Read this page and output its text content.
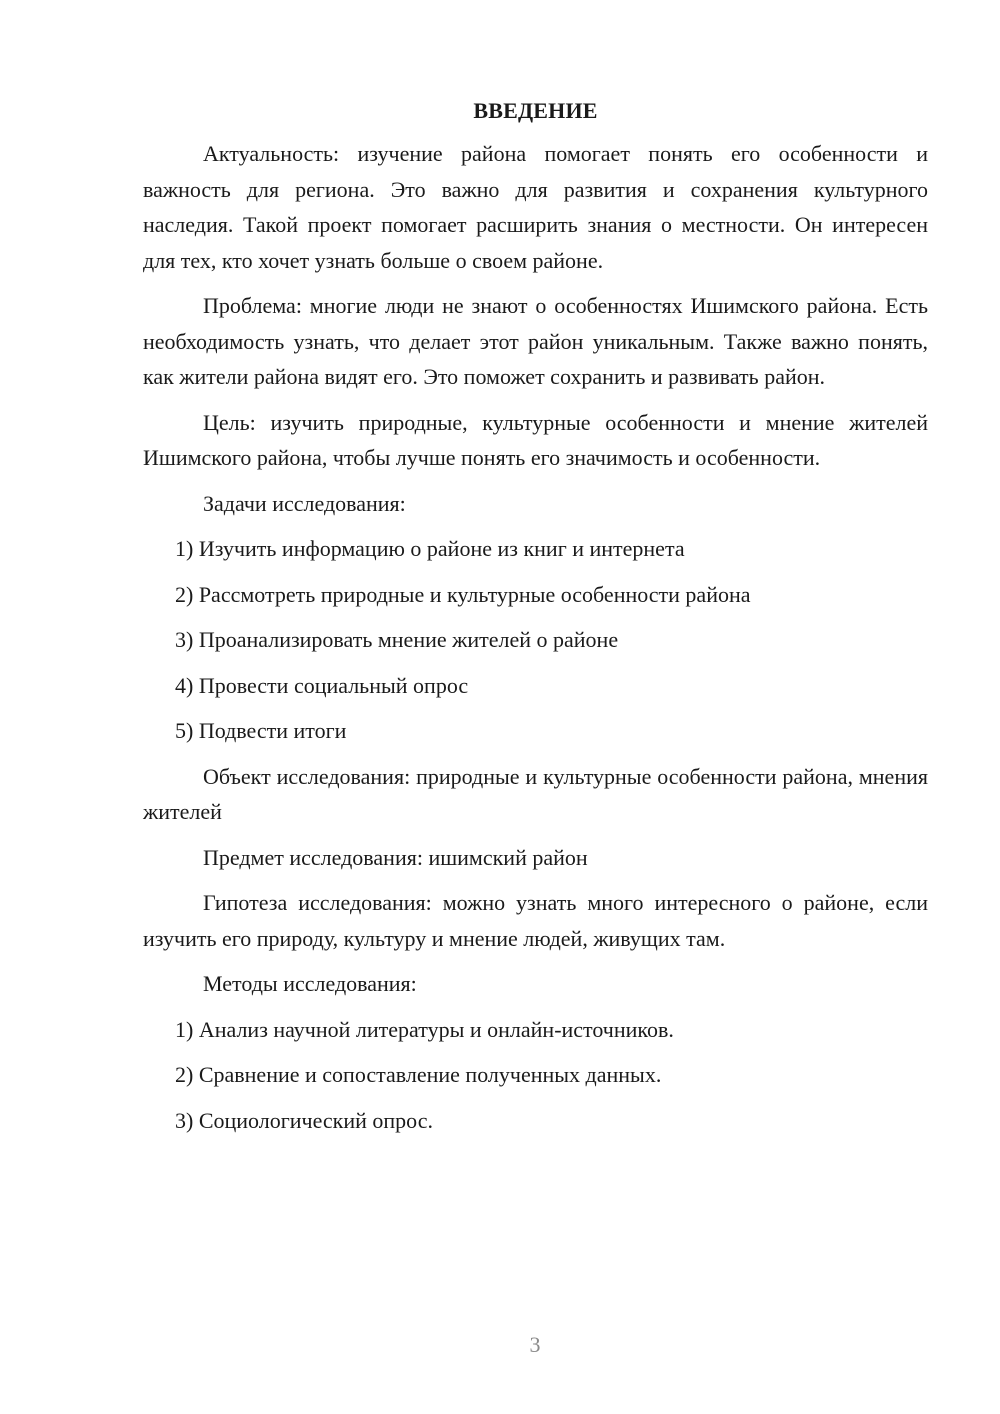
ВВЕДЕНИЕ

Актуальность: изучение района помогает понять его особенности и важность для региона. Это важно для развития и сохранения культурного наследия. Такой проект помогает расширить знания о местности. Он интересен для тех, кто хочет узнать больше о своем районе.

Проблема: многие люди не знают о особенностях Ишимского района. Есть необходимость узнать, что делает этот район уникальным. Также важно понять, как жители района видят его. Это поможет сохранить и развивать район.

Цель: изучить природные, культурные особенности и мнение жителей Ишимского района, чтобы лучше понять его значимость и особенности.

Задачи исследования:

1) Изучить информацию о районе из книг и интернета
2) Рассмотреть природные и культурные особенности района
3) Проанализировать мнение жителей о районе
4) Провести социальный опрос
5) Подвести итоги

Объект исследования: природные и культурные особенности района, мнения жителей

Предмет исследования: ишимский район

Гипотеза исследования: можно узнать много интересного о районе, если изучить его природу, культуру и мнение людей, живущих там.

Методы исследования:

1) Анализ научной литературы и онлайн-источников.
2) Сравнение и сопоставление полученных данных.
3) Социологический опрос.
3
